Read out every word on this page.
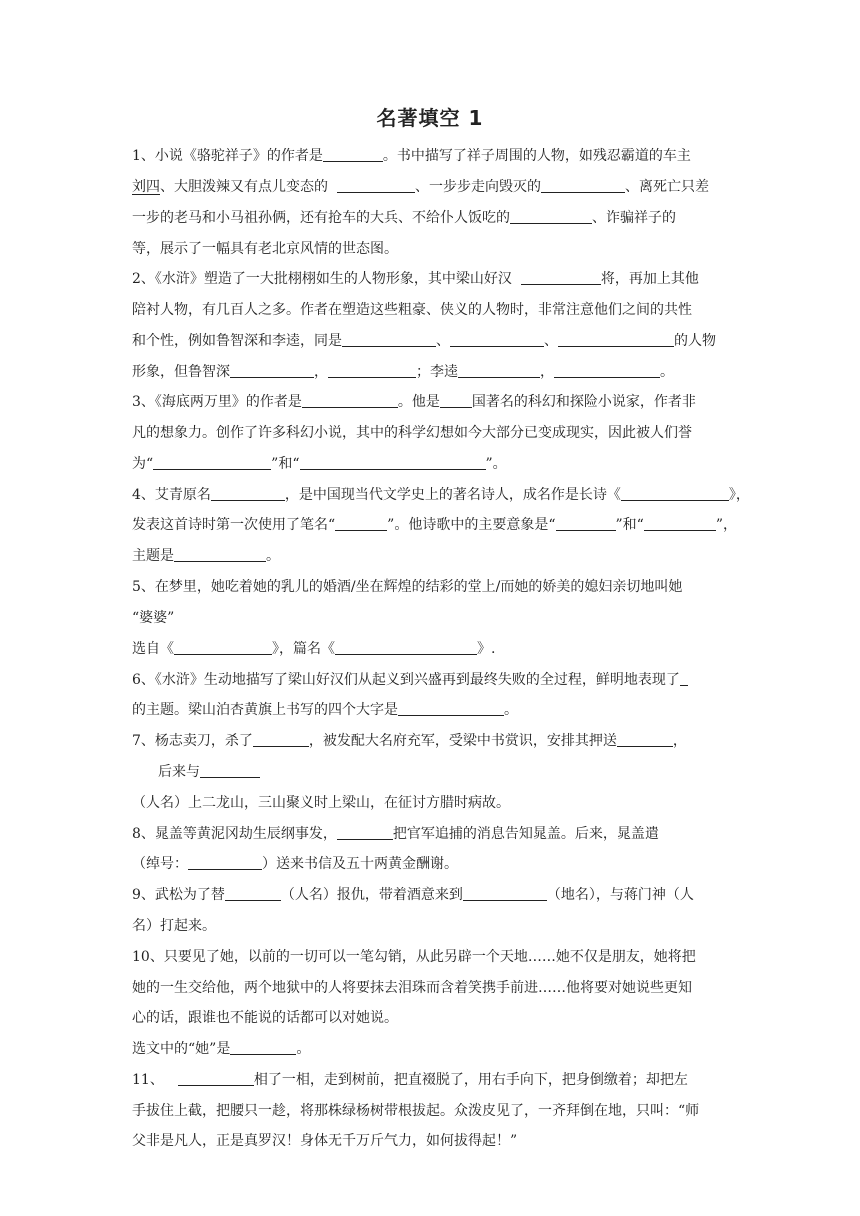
名著填空 1
1、小说《骆驼祥子》的作者是	。书中描写了祥子周围的人物，如残忍霸道的车主
刘四、大胆泼辣又有点儿变态的	、一步步走向毁灭的	、离死亡只差
一步的老马和小马祖孙俩，还有抢车的大兵、不给仆人饭吃的	、诈骗祥子的
等，展示了一幅具有老北京风情的世态图。
2、《水浒》塑造了一大批栩栩如生的人物形象，其中梁山好汉	将，再加上其他
陪衬人物，有几百人之多。作者在塑造这些粗豪、侠义的人物时，非常注意他们之间的共性
和个性，例如鲁智深和李逵，同是	、	、	的人物
形象，但鲁智深	，	；李逵	，	。
3、《海底两万里》的作者是	。他是 国著名的科幻和探险小说家，作者非
凡的想象力。创作了许多科幻小说，其中的科学幻想如今大部分已变成现实，因此被人们誉
为“	”和“	”。
4、艾青原名	，是中国现当代文学史上的著名诗人，成名作是长诗《	》，
发表这首诗时第一次使用了笔名“	”。他诗歌中的主要意象是“	”和“	”，
主题是	。
5、在梦里，她吃着她的乳儿的婚酒/坐在辉煌的结彩的堂上/而她的娇美的媳妇亲切地叫她
“婆婆”
选自《	》，篇名《	》.
6、《水浒》生动地描写了梁山好汉们从起义到兴盛再到最终失败的全过程，鲜明地表现了
的主题。梁山泊杏黄旗上书写的四个大字是	。
7、杨志卖刀，杀了	，被发配大名府充军，受梁中书赏识，安排其押送	，
后来与
（人名）上二龙山，三山聚义时上梁山，在征讨方腊时病故。
8、晁盖等黄泥冈劫生辰纲事发，	把官军追捕的消息告知晁盖。后来，晁盖遣
（绰号：	）送来书信及五十两黄金酬谢。
9、武松为了替	（人名）报仇，带着酒意来到	（地名），与蒋门神（人
名）打起来。
10、只要见了她，以前的一切可以一笔勾销，从此另辟一个天地……她不仅是朋友，她将把
她的一生交给他，两个地狱中的人将要抹去泪珠而含着笑携手前进……他将要对她说些更知
心的话，跟谁也不能说的话都可以对她说。
选文中的“她”是	。
11、	相了一相，走到树前，把直裰脱了，用右手向下，把身倒缴着；却把左
手拔住上截，把腰只一趁，将那株绿杨树带根拔起。众泼皮见了，一齐拜倒在地，只叫：“师
父非是凡人，正是真罗汉！身体无千万斤气力，如何拔得起！”
